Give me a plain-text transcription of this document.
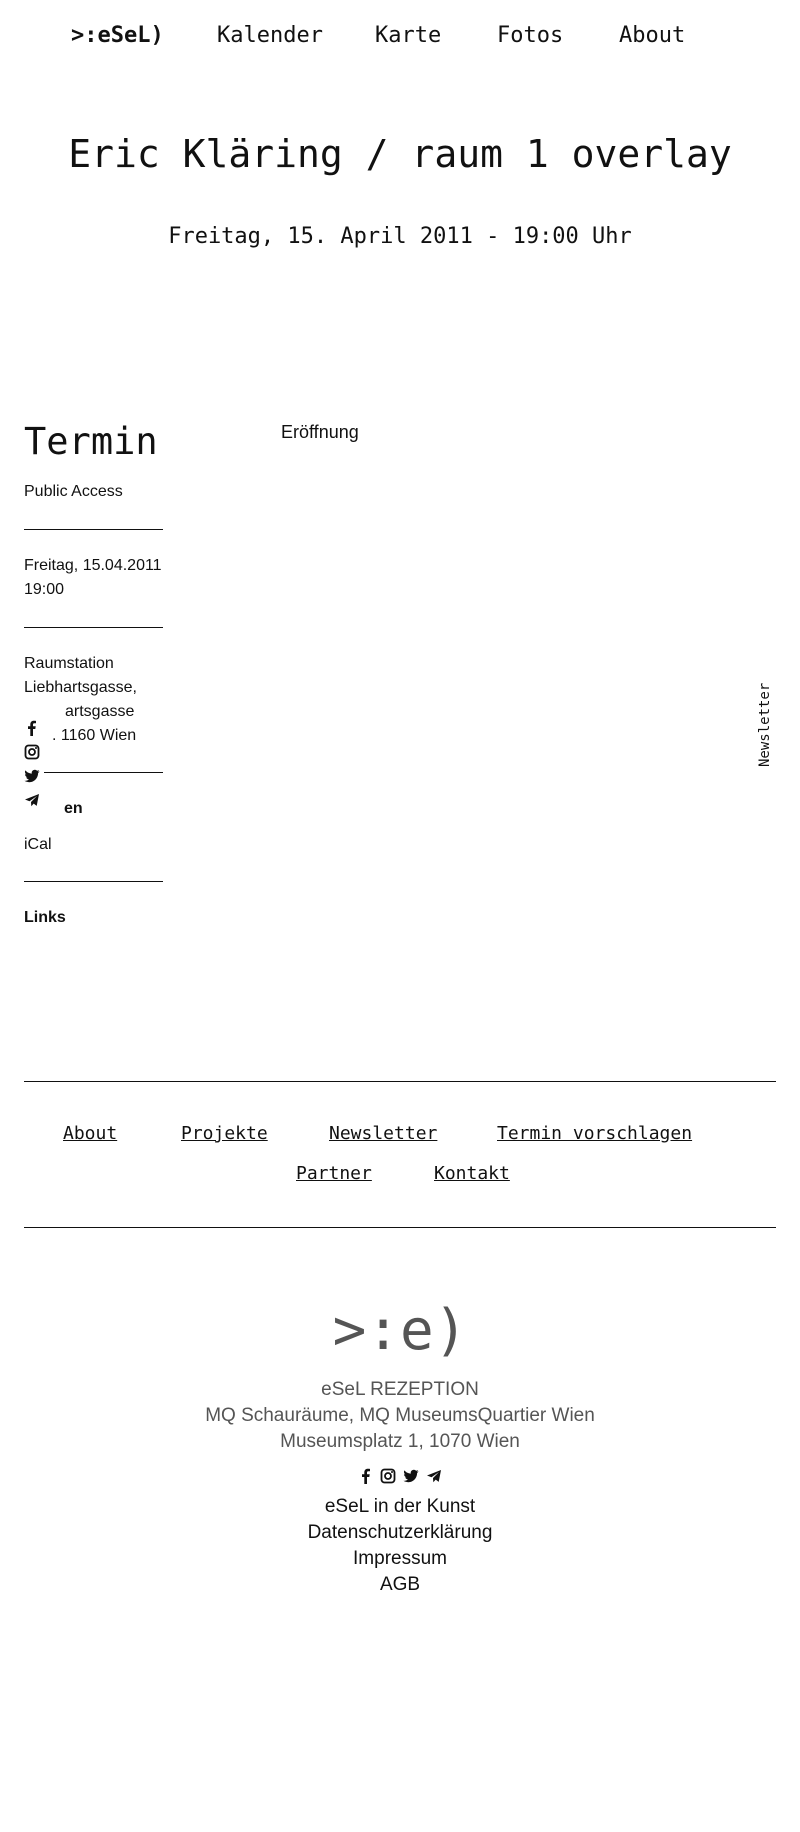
>:eSeL) Kalender Karte	Fotos	About
Eric Kläring / raum 1 overlay

Freitag, 15. April 2011 - 19:00 Uhr

Termin
Public Access
Freitag, 15.04.2011
19:00
Raumstation
Liebhartsgasse,
artsgasse
. 1160 Wien
en
iCal
Links
Eröffnung
Newsletter
About	Projekte	Newsletter	Termin vorschlagen
Partner	Kontakt
>:e)
eSeL REZEPTION
MQ Schauräume, MQ MuseumsQuartier Wien
Museumsplatz 1, 1070 Wien
eSeL in der Kunst
Datenschutzerklärung
Impressum
AGB
